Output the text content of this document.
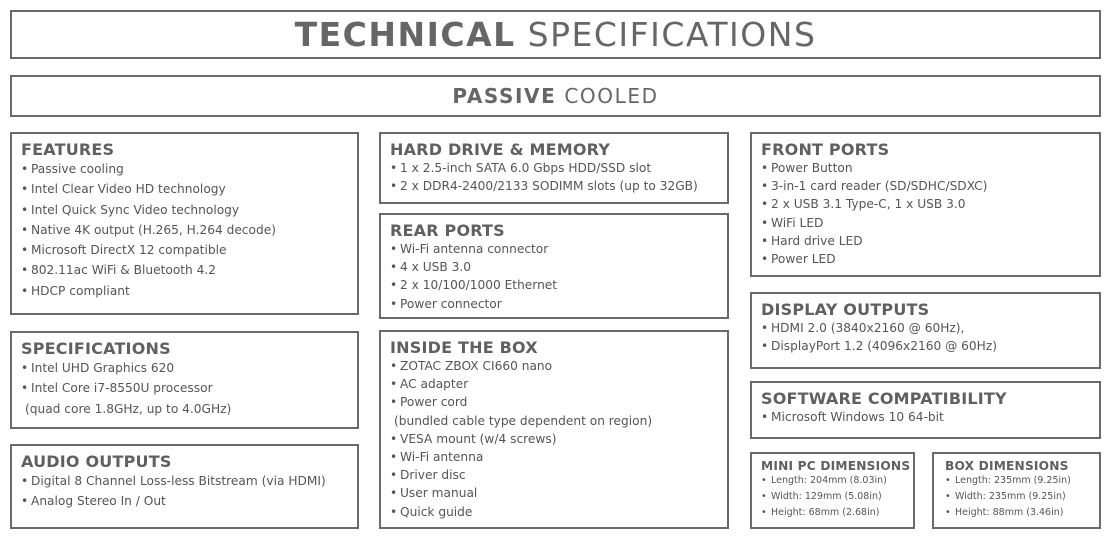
TECHNICAL SPECIFICATIONS
PASSIVE COOLED
FEATURES
• Passive cooling
• Intel Clear Video HD technology
• Intel Quick Sync Video technology
• Native 4K output (H.265, H.264 decode)
• Microsoft DirectX 12 compatible
• 802.11ac WiFi & Bluetooth 4.2
• HDCP compliant
SPECIFICATIONS
• Intel UHD Graphics 620
• Intel Core i7-8550U processor
(quad core 1.8GHz, up to 4.0GHz)
AUDIO OUTPUTS
• Digital 8 Channel Loss-less Bitstream (via HDMI)
• Analog Stereo In / Out
HARD DRIVE & MEMORY
• 1 x 2.5-inch SATA 6.0 Gbps HDD/SSD slot
• 2 x DDR4-2400/2133 SODIMM slots (up to 32GB)
REAR PORTS
• Wi-Fi antenna connector
• 4 x USB 3.0
• 2 x 10/100/1000 Ethernet
• Power connector
INSIDE THE BOX
• ZOTAC ZBOX CI660 nano
• AC adapter
• Power cord
(bundled cable type dependent on region)
• VESA mount (w/4 screws)
• Wi-Fi antenna
• Driver disc
• User manual
• Quick guide
FRONT PORTS
• Power Button
• 3-in-1 card reader (SD/SDHC/SDXC)
• 2 x USB 3.1 Type-C, 1 x USB 3.0
• WiFi LED
• Hard drive LED
• Power LED
DISPLAY OUTPUTS
• HDMI 2.0 (3840x2160 @ 60Hz),
• DisplayPort 1.2 (4096x2160 @ 60Hz)
SOFTWARE COMPATIBILITY
• Microsoft Windows 10 64-bit
MINI PC DIMENSIONS
• Length: 204mm (8.03in)
• Width: 129mm (5.08in)
• Height: 68mm (2.68in)
BOX DIMENSIONS
• Length: 235mm (9.25in)
• Width: 235mm (9.25in)
• Height: 88mm (3.46in)
